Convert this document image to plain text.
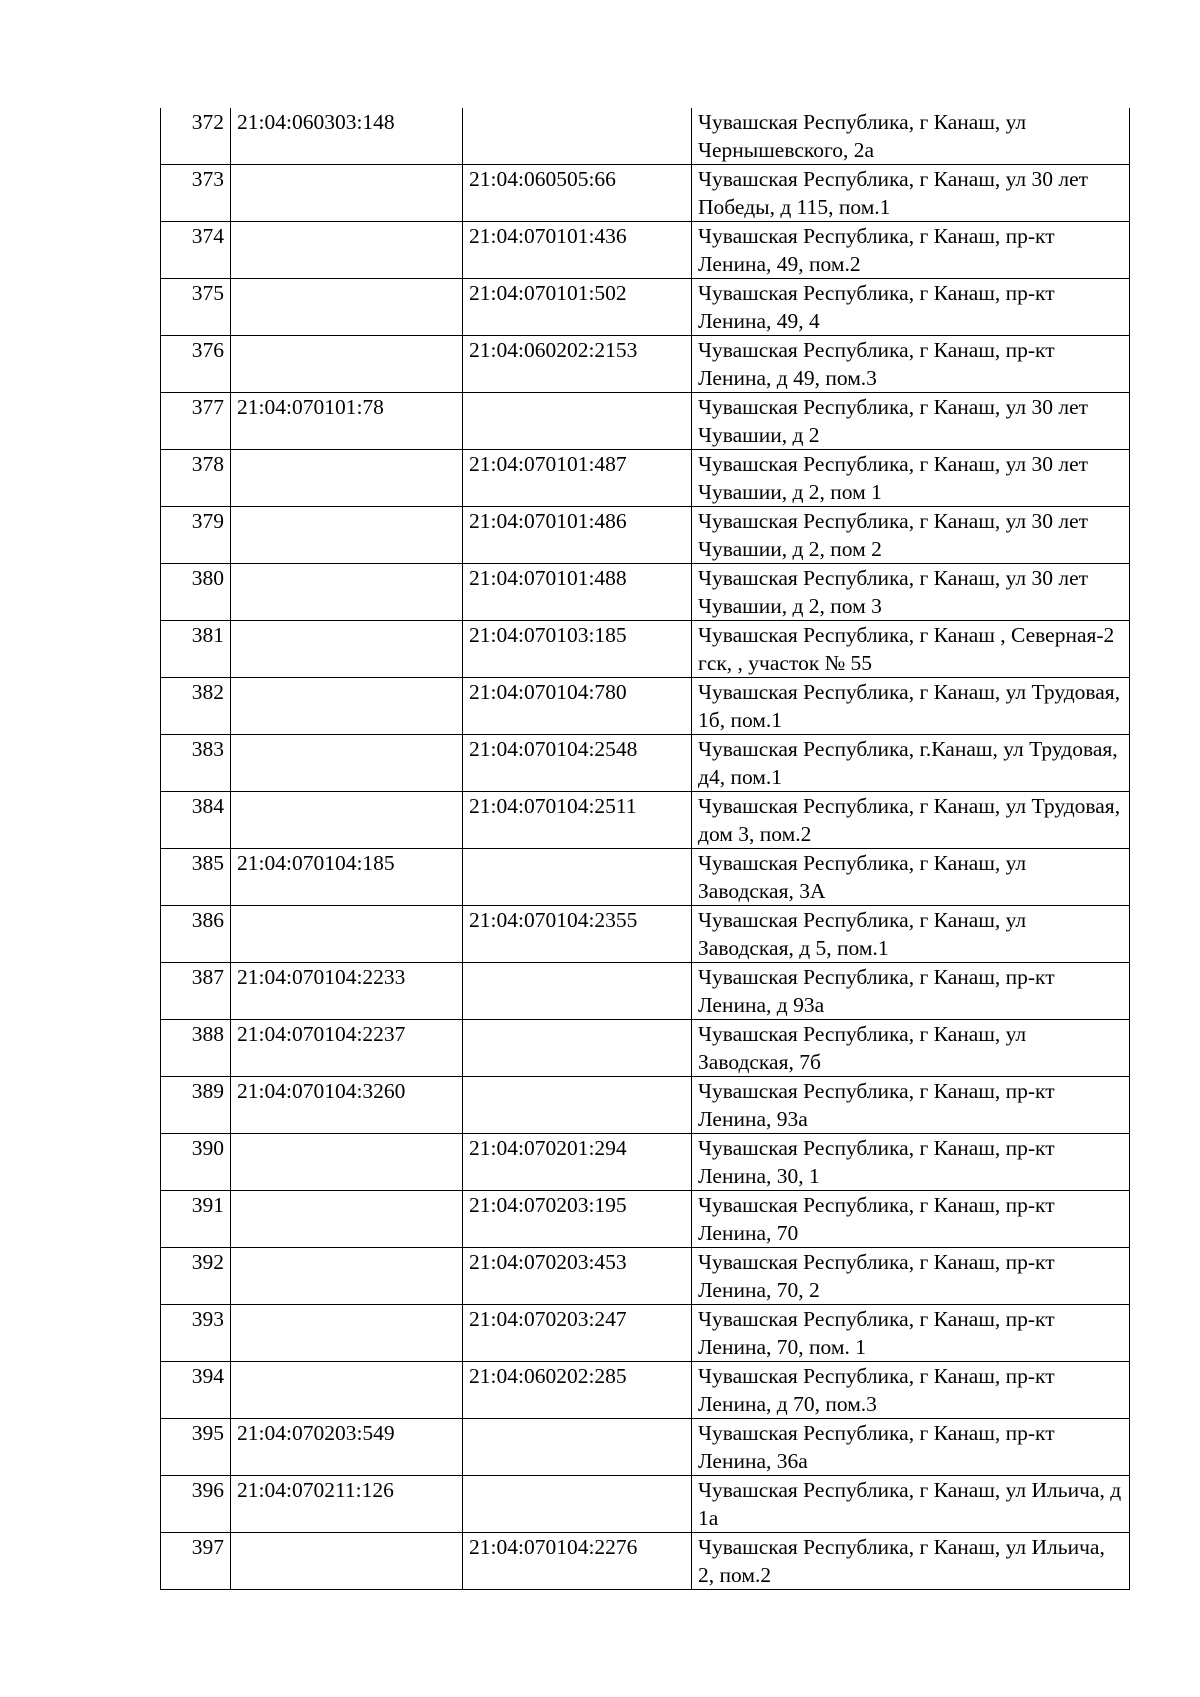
372	21:04:060303:148		Чувашская Республика, г Канаш, ул Чернышевского, 2а
373		21:04:060505:66	Чувашская Республика, г Канаш, ул 30 лет Победы, д 115, пом.1
374		21:04:070101:436	Чувашская Республика, г Канаш, пр-кт Ленина, 49, пом.2
375		21:04:070101:502	Чувашская Республика, г Канаш, пр-кт Ленина, 49, 4
376		21:04:060202:2153	Чувашская Республика, г Канаш, пр-кт Ленина, д 49, пом.3
377	21:04:070101:78		Чувашская Республика, г Канаш, ул 30 лет Чувашии, д 2
378		21:04:070101:487	Чувашская Республика, г Канаш, ул 30 лет Чувашии, д 2, пом 1
379		21:04:070101:486	Чувашская Республика, г Канаш, ул 30 лет Чувашии, д 2, пом 2
380		21:04:070101:488	Чувашская Республика, г Канаш, ул 30 лет Чувашии, д 2, пом 3
381		21:04:070103:185	Чувашская Республика, г Канаш , Северная-2 гск, , участок № 55
382		21:04:070104:780	Чувашская Республика, г Канаш, ул Трудовая, 1б, пом.1
383		21:04:070104:2548	Чувашская Республика, г.Канаш, ул Трудовая, д4, пом.1
384		21:04:070104:2511	Чувашская Республика, г Канаш, ул Трудовая, дом 3, пом.2
385	21:04:070104:185		Чувашская Республика, г Канаш, ул Заводская, 3А
386		21:04:070104:2355	Чувашская Республика, г Канаш, ул Заводская, д 5, пом.1
387	21:04:070104:2233		Чувашская Республика, г Канаш, пр-кт Ленина, д 93а
388	21:04:070104:2237		Чувашская Республика, г Канаш, ул Заводская, 7б
389	21:04:070104:3260		Чувашская Республика, г Канаш, пр-кт Ленина, 93а
390		21:04:070201:294	Чувашская Республика, г Канаш, пр-кт Ленина, 30, 1
391		21:04:070203:195	Чувашская Республика, г Канаш, пр-кт Ленина, 70
392		21:04:070203:453	Чувашская Республика, г Канаш, пр-кт Ленина, 70, 2
393		21:04:070203:247	Чувашская Республика, г Канаш, пр-кт Ленина, 70, пом. 1
394		21:04:060202:285	Чувашская Республика, г Канаш, пр-кт Ленина, д 70, пом.3
395	21:04:070203:549		Чувашская Республика, г Канаш, пр-кт Ленина, 36а
396	21:04:070211:126		Чувашская Республика, г Канаш, ул Ильича, д 1а
397		21:04:070104:2276	Чувашская Республика, г Канаш, ул Ильича, 2, пом.2
